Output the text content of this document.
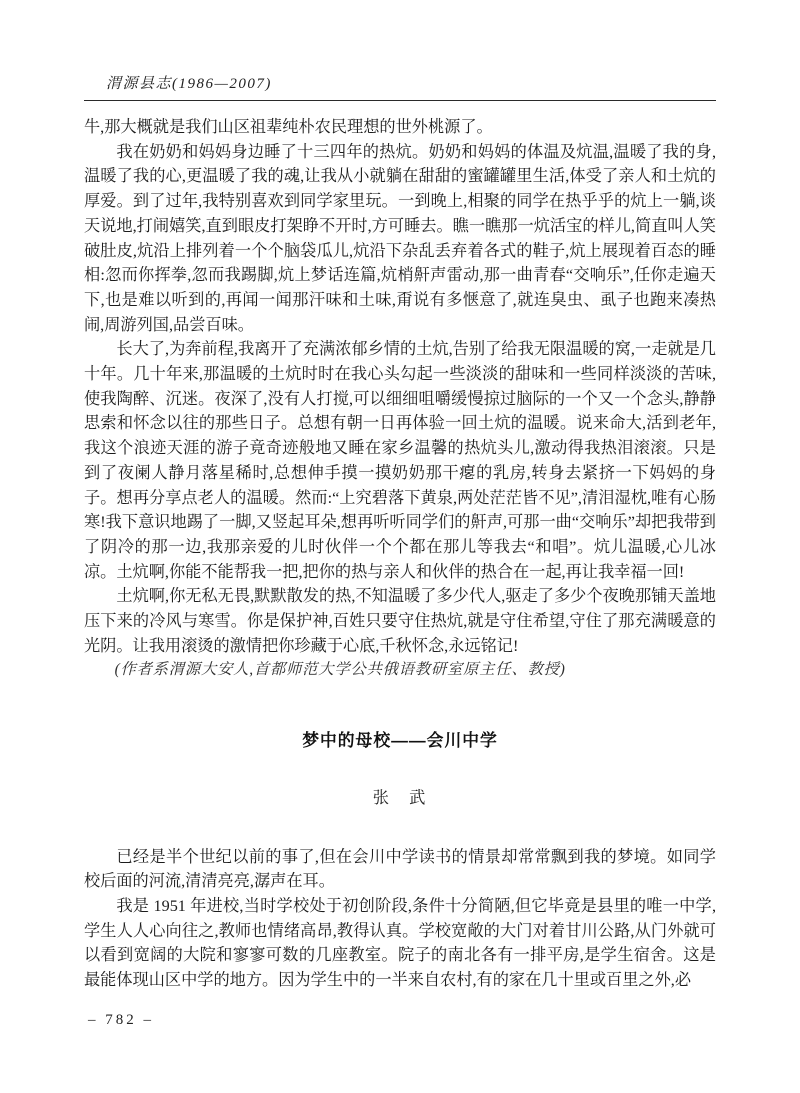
渭源县志(1986—2007)

牛,那大概就是我们山区祖辈纯朴农民理想的世外桃源了。

我在奶奶和妈妈身边睡了十三四年的热炕。奶奶和妈妈的体温及炕温,温暖了我的身,温暖了我的心,更温暖了我的魂,让我从小就躺在甜甜的蜜罐罐里生活,体受了亲人和土炕的厚爱。到了过年,我特别喜欢到同学家里玩。一到晚上,相聚的同学在热乎乎的炕上一躺,谈天说地,打闹嬉笑,直到眼皮打架睁不开时,方可睡去。瞧一瞧那一炕活宝的样儿,简直叫人笑破肚皮,炕沿上排列着一个个脑袋瓜儿,炕沿下杂乱丢弃着各式的鞋子,炕上展现着百态的睡相:忽而你挥拳,忽而我踢脚,炕上梦话连篇,炕梢鼾声雷动,那一曲青春“交响乐”,任你走遍天下,也是难以听到的,再闻一闻那汗味和土味,甭说有多惬意了,就连臭虫、虱子也跑来凑热闹,周游列国,品尝百味。

长大了,为奔前程,我离开了充满浓郁乡情的土炕,告别了给我无限温暖的窝,一走就是几十年。几十年来,那温暖的土炕时时在我心头勾起一些淡淡的甜味和一些同样淡淡的苦味,使我陶醉、沉迷。夜深了,没有人打搅,可以细细咀嚼缓慢掠过脑际的一个又一个念头,静静思索和怀念以往的那些日子。总想有朝一日再体验一回土炕的温暖。说来命大,活到老年,我这个浪迹天涯的游子竟奇迹般地又睡在家乡温馨的热炕头儿,激动得我热泪滚滚。只是到了夜阑人静月落星稀时,总想伸手摸一摸奶奶那干瘪的乳房,转身去紧挤一下妈妈的身子。想再分享点老人的温暖。然而:“上究碧落下黄泉,两处茫茫皆不见”,清泪湿枕,唯有心肠寒!我下意识地踢了一脚,又竖起耳朵,想再听听同学们的鼾声,可那一曲“交响乐”却把我带到了阴冷的那一边,我那亲爱的儿时伙伴一个个都在那儿等我去“和唱”。炕儿温暖,心儿冰凉。土炕啊,你能不能帮我一把,把你的热与亲人和伙伴的热合在一起,再让我幸福一回!

土炕啊,你无私无畏,默默散发的热,不知温暖了多少代人,驱走了多少个夜晚那铺天盖地压下来的冷风与寒雪。你是保护神,百姓只要守住热炕,就是守住希望,守住了那充满暖意的光阴。让我用滚烫的激情把你珍藏于心底,千秋怀念,永远铭记!

(作者系渭源大安人,首都师范大学公共俄语教研室原主任、教授)

梦中的母校——会川中学
张　武

已经是半个世纪以前的事了,但在会川中学读书的情景却常常飘到我的梦境。如同学校后面的河流,清清亮亮,潺声在耳。

我是 1951 年进校,当时学校处于初创阶段,条件十分简陋,但它毕竟是县里的唯一中学,学生人人心向往之,教师也情绪高昂,教得认真。学校宽敞的大门对着甘川公路,从门外就可以看到宽阔的大院和寥寥可数的几座教室。院子的南北各有一排平房,是学生宿舍。这是最能体现山区中学的地方。因为学生中的一半来自农村,有的家在几十里或百里之外,必

– 782 –
